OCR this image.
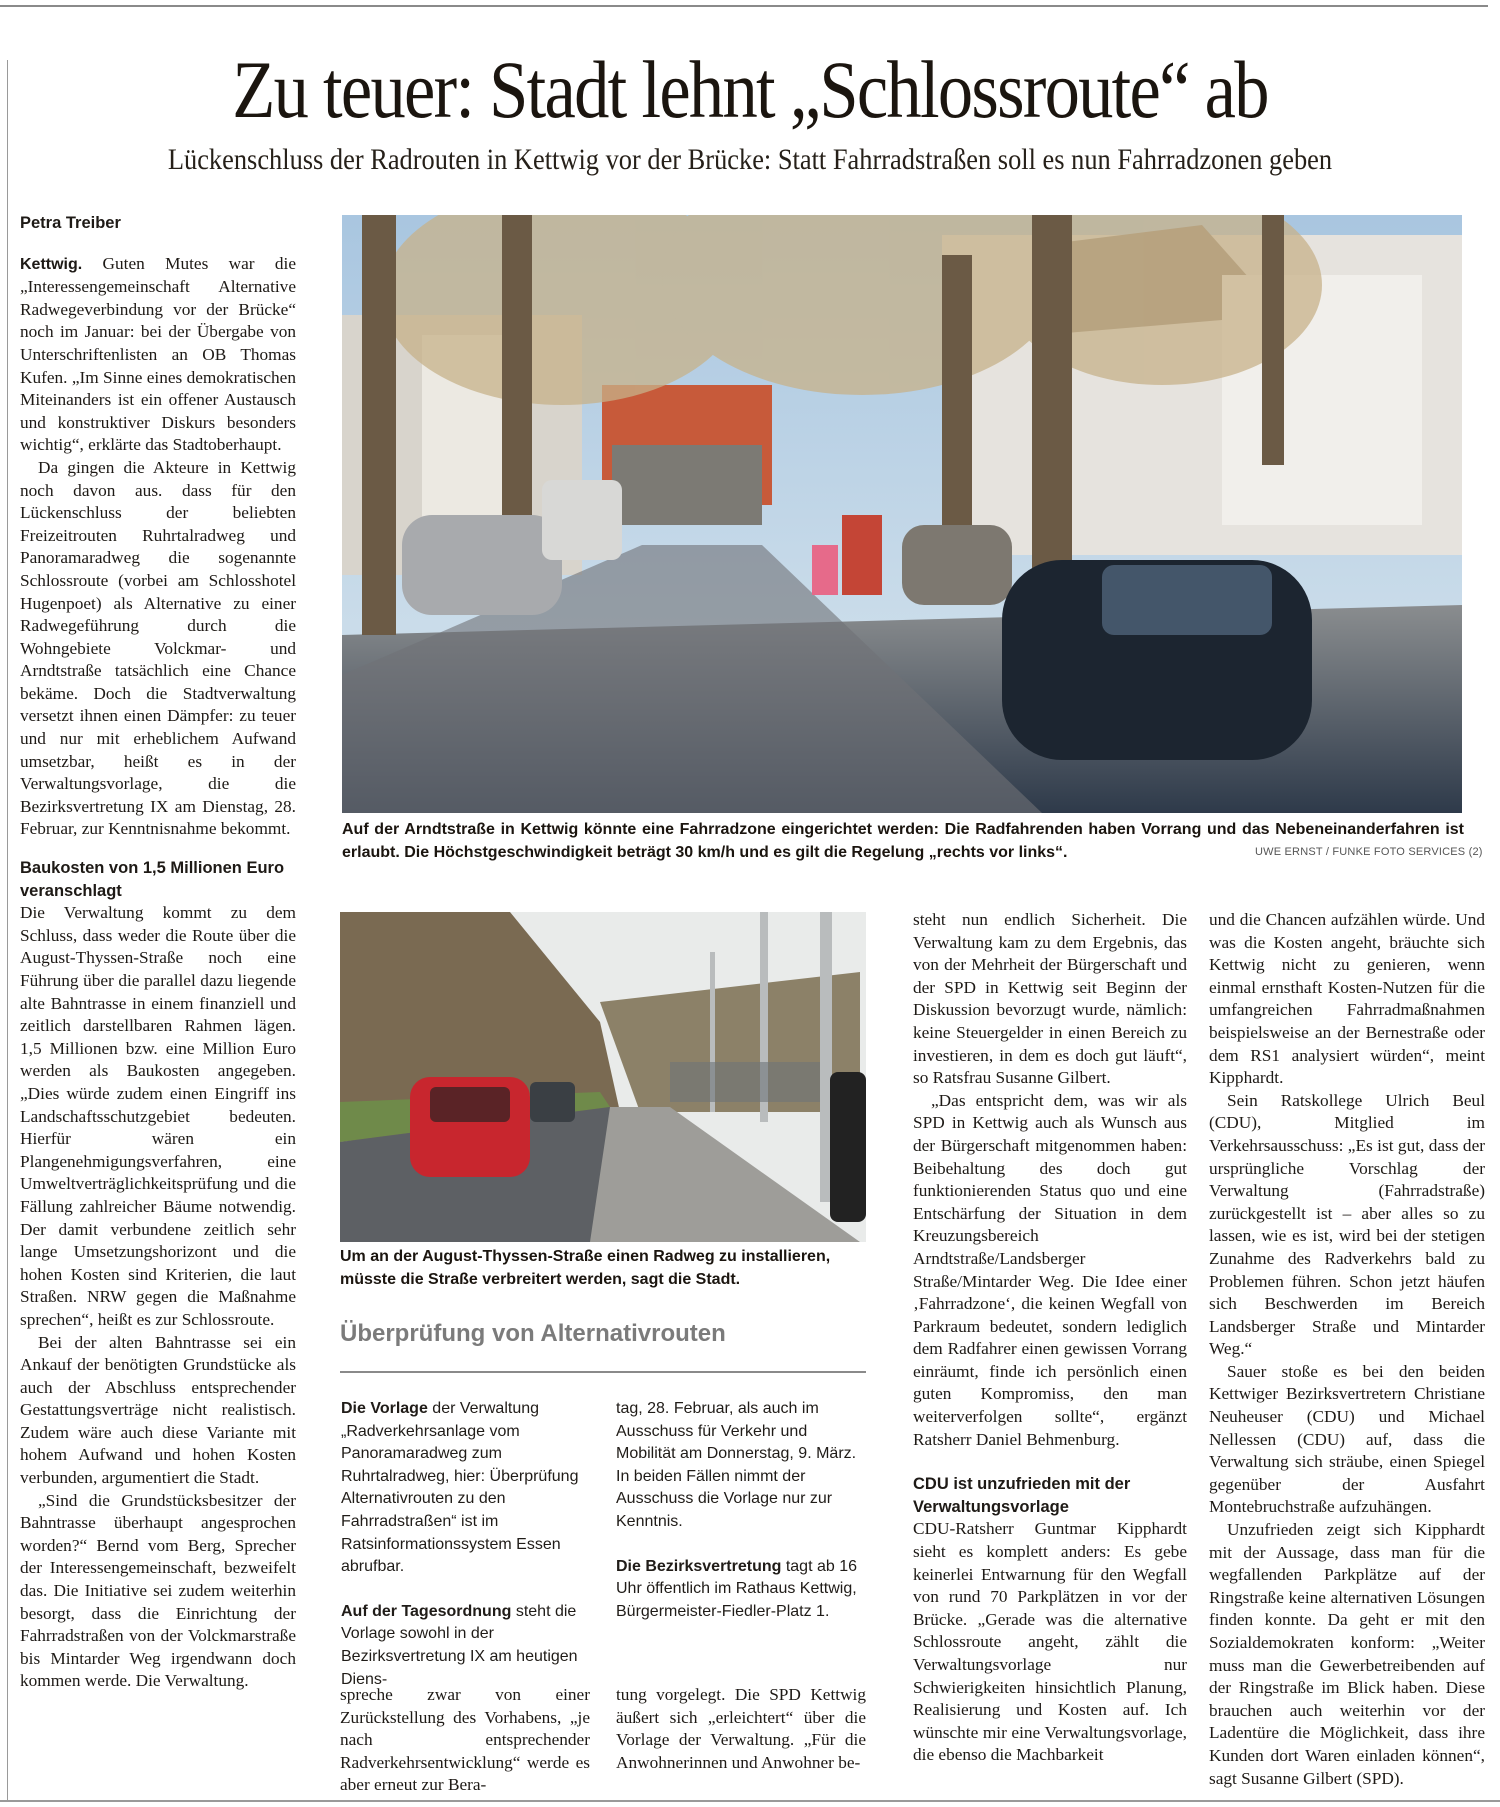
Zu teuer: Stadt lehnt „Schlossroute“ ab
Lückenschluss der Radrouten in Kettwig vor der Brücke: Statt Fahrradstraßen soll es nun Fahrradzonen geben

Petra Treiber

Kettwig. Guten Mutes war die „Interessengemeinschaft Alternative Radwegeverbindung vor der Brücke“ noch im Januar: bei der Übergabe von Unterschriftenlisten an OB Thomas Kufen. „Im Sinne eines demokratischen Miteinanders ist ein offener Austausch und konstruktiver Diskurs besonders wichtig“, erklärte das Stadtoberhaupt.

Da gingen die Akteure in Kettwig noch davon aus. dass für den Lückenschluss der beliebten Freizeitrouten Ruhrtalradweg und Panoramaradweg die sogenannte Schlossroute (vorbei am Schlosshotel Hugenpoet) als Alternative zu einer Radwegeführung durch die Wohngebiete Volckmar- und Arndtstraße tatsächlich eine Chance bekäme. Doch die Stadtverwaltung versetzt ihnen einen Dämpfer: zu teuer und nur mit erheblichem Aufwand umsetzbar, heißt es in der Verwaltungsvorlage, die die Bezirksvertretung IX am Dienstag, 28. Februar, zur Kenntnisnahme bekommt.

Baukosten von 1,5 Millionen Euro veranschlagt

Die Verwaltung kommt zu dem Schluss, dass weder die Route über die August-Thyssen-Straße noch eine Führung über die parallel dazu liegende alte Bahntrasse in einem finanziell und zeitlich darstellbaren Rahmen lägen. 1,5 Millionen bzw. eine Million Euro werden als Baukosten angegeben. „Dies würde zudem einen Eingriff ins Landschaftsschutzgebiet bedeuten. Hierfür wären ein Plangenehmigungsverfahren, eine Umweltverträglichkeitsprüfung und die Fällung zahlreicher Bäume notwendig. Der damit verbundene zeitlich sehr lange Umsetzungshorizont und die hohen Kosten sind Kriterien, die laut Straßen. NRW gegen die Maßnahme sprechen“, heißt es zur Schlossroute.

Bei der alten Bahntrasse sei ein Ankauf der benötigten Grundstücke als auch der Abschluss entsprechender Gestattungsverträge nicht realistisch. Zudem wäre auch diese Variante mit hohem Aufwand und hohen Kosten verbunden, argumentiert die Stadt.

„Sind die Grundstücksbesitzer der Bahntrasse überhaupt angesprochen worden?“ Bernd vom Berg, Sprecher der Interessengemeinschaft, bezweifelt das. Die Initiative sei zudem weiterhin besorgt, dass die Einrichtung der Fahrradstraßen von der Volckmarstraße bis Mintarder Weg irgendwann doch kommen werde. Die Verwaltung.

Auf der Arndtstraße in Kettwig könnte eine Fahrradzone eingerichtet werden: Die Radfahrenden haben Vorrang und das Nebeneinanderfahren ist erlaubt. Die Höchstgeschwindigkeit beträgt 30 km/h und es gilt die Regelung „rechts vor links“.	UWE ERNST / FUNKE FOTO SERVICES (2)
Um an der August-Thyssen-Straße einen Radweg zu installieren, müsste die Straße verbreitert werden, sagt die Stadt.
Überprüfung von Alternativrouten

Die Vorlage der Verwaltung „Radverkehrsanlage vom Panoramaradweg zum Ruhrtalradweg, hier: Überprüfung Alternativrouten zu den Fahrradstraßen“ ist im Ratsinformationssystem Essen abrufbar.

Auf der Tagesordnung steht die Vorlage sowohl in der Bezirksvertretung IX am heutigen Diens-

tag, 28. Februar, als auch im Ausschuss für Verkehr und Mobilität am Donnerstag, 9. März. In beiden Fällen nimmt der Ausschuss die Vorlage nur zur Kenntnis.

Die Bezirksvertretung tagt ab 16 Uhr öffentlich im Rathaus Kettwig, Bürgermeister-Fiedler-Platz 1.

spreche zwar von einer Zurückstellung des Vorhabens, „je nach entsprechender Radverkehrsentwicklung“ werde es aber erneut zur Bera-

tung vorgelegt. Die SPD Kettwig äußert sich „erleichtert“ über die Vorlage der Verwaltung. „Für die Anwohnerinnen und Anwohner be-

steht nun endlich Sicherheit. Die Verwaltung kam zu dem Ergebnis, das von der Mehrheit der Bürgerschaft und der SPD in Kettwig seit Beginn der Diskussion bevorzugt wurde, nämlich: keine Steuergelder in einen Bereich zu investieren, in dem es doch gut läuft“, so Ratsfrau Susanne Gilbert.

„Das entspricht dem, was wir als SPD in Kettwig auch als Wunsch aus der Bürgerschaft mitgenommen haben: Beibehaltung des doch gut funktionierenden Status quo und eine Entschärfung der Situation in dem Kreuzungsbereich Arndtstraße/Landsberger Straße/Mintarder Weg. Die Idee einer ‚Fahrradzone‘, die keinen Wegfall von Parkraum bedeutet, sondern lediglich dem Radfahrer einen gewissen Vorrang einräumt, finde ich persönlich einen guten Kompromiss, den man weiterverfolgen sollte“, ergänzt Ratsherr Daniel Behmenburg.

CDU ist unzufrieden mit der Verwaltungsvorlage

CDU-Ratsherr Guntmar Kipphardt sieht es komplett anders: Es gebe keinerlei Entwarnung für den Wegfall von rund 70 Parkplätzen in vor der Brücke. „Gerade was die alternative Schlossroute angeht, zählt die Verwaltungsvorlage nur Schwierigkeiten hinsichtlich Planung, Realisierung und Kosten auf. Ich wünschte mir eine Verwaltungsvorlage, die ebenso die Machbarkeit

und die Chancen aufzählen würde. Und was die Kosten angeht, bräuchte sich Kettwig nicht zu genieren, wenn einmal ernsthaft Kosten-Nutzen für die umfangreichen Fahrradmaßnahmen beispielsweise an der Bernestraße oder dem RS1 analysiert würden“, meint Kipphardt.

Sein Ratskollege Ulrich Beul (CDU), Mitglied im Verkehrsausschuss: „Es ist gut, dass der ursprüngliche Vorschlag der Verwaltung (Fahrradstraße) zurückgestellt ist – aber alles so zu lassen, wie es ist, wird bei der stetigen Zunahme des Radverkehrs bald zu Problemen führen. Schon jetzt häufen sich Beschwerden im Bereich Landsberger Straße und Mintarder Weg.“

Sauer stoße es bei den beiden Kettwiger Bezirksvertretern Christiane Neuheuser (CDU) und Michael Nellessen (CDU) auf, dass die Verwaltung sich sträube, einen Spiegel gegenüber der Ausfahrt Montebruchstraße aufzuhängen.

Unzufrieden zeigt sich Kipphardt mit der Aussage, dass man für die wegfallenden Parkplätze auf der Ringstraße keine alternativen Lösungen finden konnte. Da geht er mit den Sozialdemokraten konform: „Weiter muss man die Gewerbetreibenden auf der Ringstraße im Blick haben. Diese brauchen auch weiterhin vor der Ladentüre die Möglichkeit, dass ihre Kunden dort Waren einladen können“, sagt Susanne Gilbert (SPD).
